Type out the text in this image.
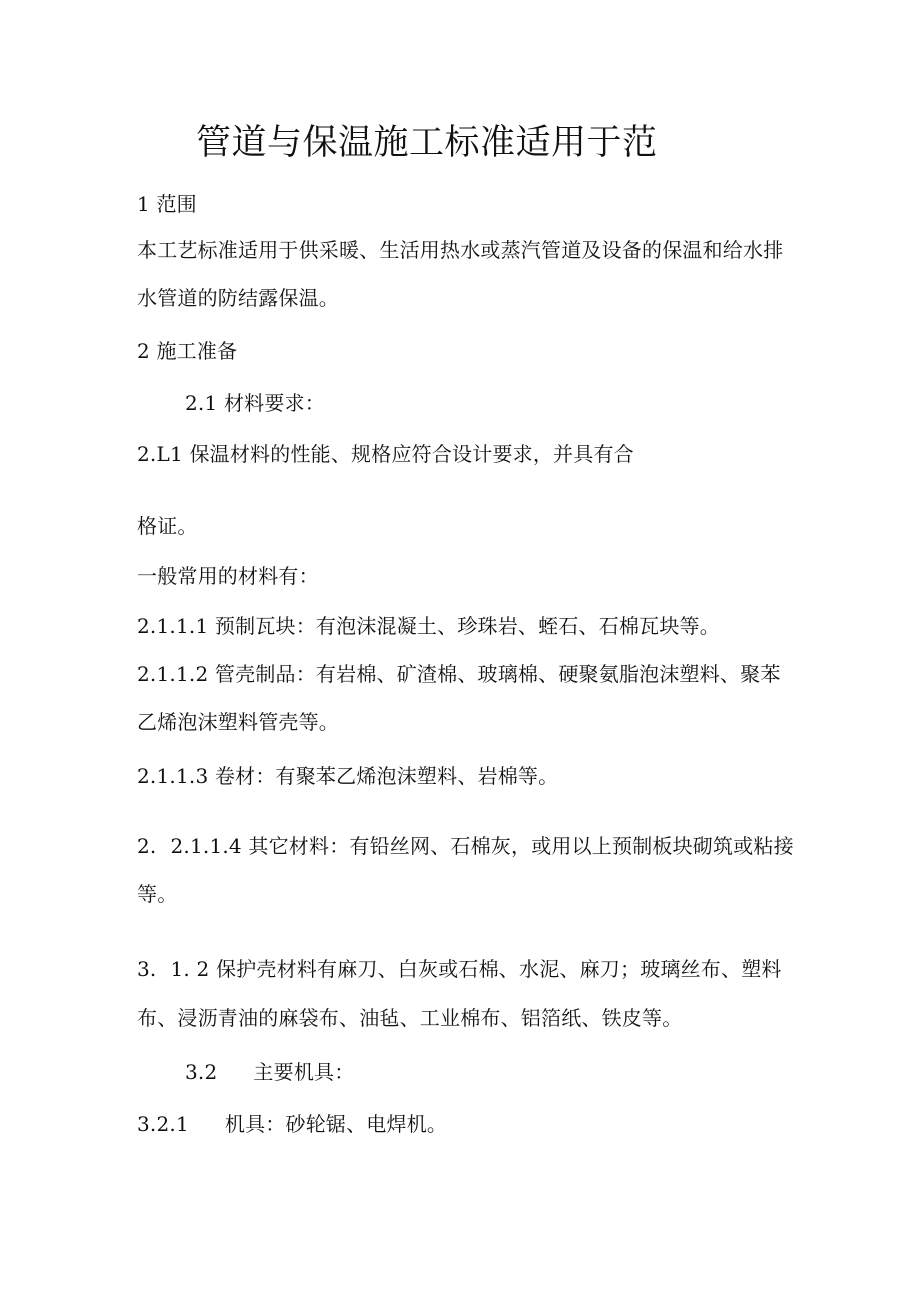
管道与保温施工标准适用于范
1 范围
本工艺标准适用于供采暖、生活用热水或蒸汽管道及设备的保温和给水排
水管道的防结露保温。
2 施工准备
2.1 材料要求：
2.L1 保温材料的性能、规格应符合设计要求，并具有合
格证。
一般常用的材料有：
2.1.1.1 预制瓦块：有泡沫混凝土、珍珠岩、蛭石、石棉瓦块等。
2.1.1.2 管壳制品：有岩棉、矿渣棉、玻璃棉、硬聚氨脂泡沫塑料、聚苯
乙烯泡沫塑料管壳等。
2.1.1.3 卷材：有聚苯乙烯泡沫塑料、岩棉等。
2. 2.1.1.4 其它材料：有铅丝网、石棉灰，或用以上预制板块砌筑或粘接
等。
3. 1. 2 保护壳材料有麻刀、白灰或石棉、水泥、麻刀；玻璃丝布、塑料
布、浸沥青油的麻袋布、油毡、工业棉布、铝箔纸、铁皮等。
3.2 主要机具：
3.2.1 机具：砂轮锯、电焊机。
